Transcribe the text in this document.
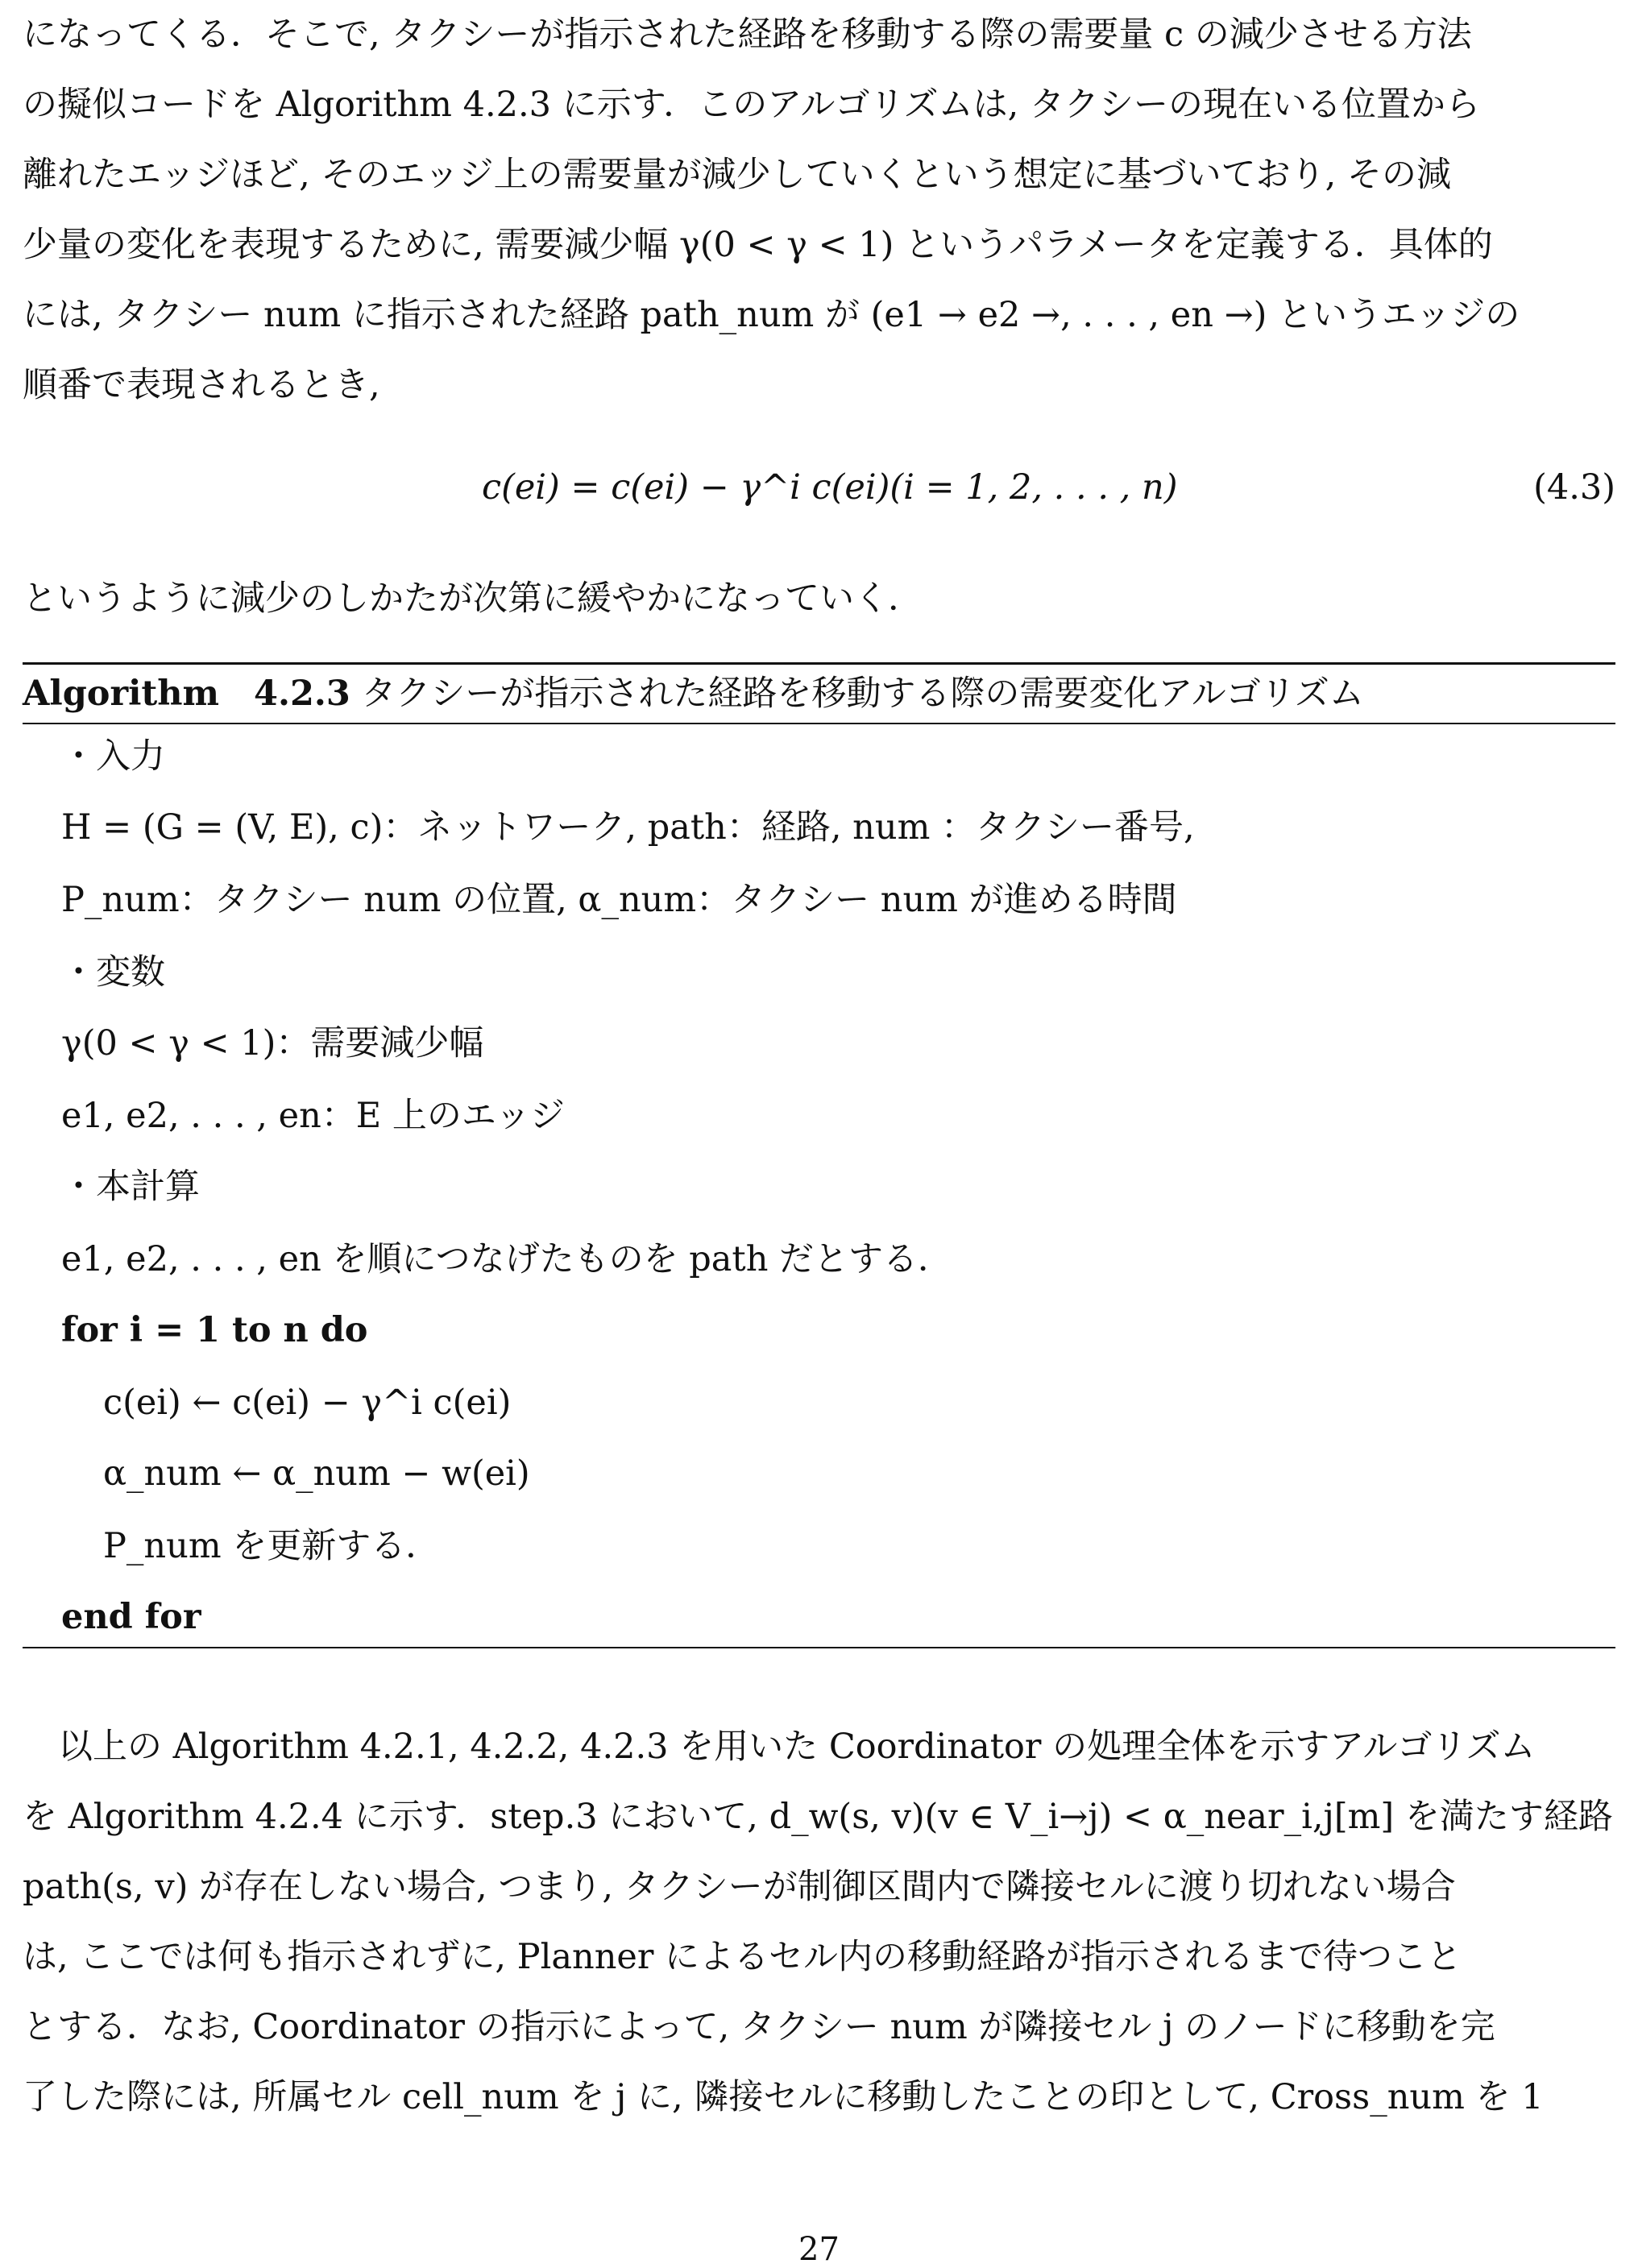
になってくる．そこで, タクシーが指示された経路を移動する際の需要量 c の減少させる方法
の擬似コードを Algorithm 4.2.3 に示す．このアルゴリズムは, タクシーの現在いる位置から
離れたエッジほど, そのエッジ上の需要量が減少していくという想定に基づいており, その減
少量の変化を表現するために, 需要減少幅 γ(0 < γ < 1) というパラメータを定義する．具体的
には, タクシー num に指示された経路 path_num が (e1 → e2 →, . . . , en →) というエッジの
順番で表現されるとき,
c(ei) = c(ei) − γ^i c(ei)(i = 1, 2, . . . , n)	(4.3)
というように減少のしかたが次第に緩やかになっていく．
Algorithm　4.2.3 タクシーが指示された経路を移動する際の需要変化アルゴリズム
・入力
H = (G = (V, E), c)：ネットワーク, path：経路, num ：タクシー番号,
P_num：タクシー num の位置, α_num：タクシー num が進める時間
・変数
γ(0 < γ < 1)：需要減少幅
e1, e2, . . . , en：E 上のエッジ
・本計算
e1, e2, . . . , en を順につなげたものを path だとする．
for i = 1 to n do
c(ei) ← c(ei) − γ^i c(ei)
α_num ← α_num − w(ei)
P_num を更新する．
end for
以上の Algorithm 4.2.1, 4.2.2, 4.2.3 を用いた Coordinator の処理全体を示すアルゴリズム
を Algorithm 4.2.4 に示す．step.3 において, d_w(s, v)(v ∈ V_i→j) < α_near_i,j[m] を満たす経路
path(s, v) が存在しない場合, つまり, タクシーが制御区間内で隣接セルに渡り切れない場合
は, ここでは何も指示されずに, Planner によるセル内の移動経路が指示されるまで待つこと
とする．なお, Coordinator の指示によって, タクシー num が隣接セル j のノードに移動を完
了した際には, 所属セル cell_num を j に, 隣接セルに移動したことの印として, Cross_num を 1
27
